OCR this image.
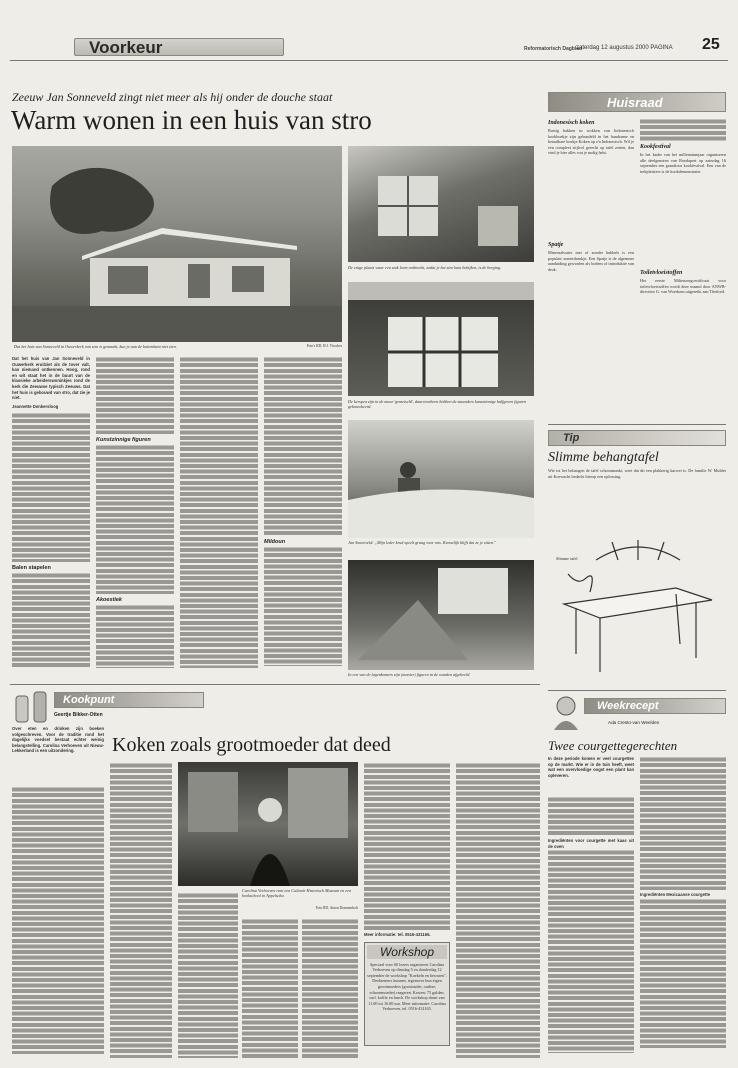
Voorkeur	Reformatorisch Dagblad
zaterdag 12 augustus 2000 PAGINA 25
Zeeuw Jan Sonneveld zingt niet meer als hij onder de douche staat
Warm wonen in een huis van stro
Dat het huis van Sonneveld in Ouwerkerk van stro is gemaakt, kun je aan de buitenkant niet zien.	Foto's RD, H.J. Visscher
Dat het huis van Jan Sonneveld in Ouwerkerk eruitziet als de tover valt, kan niemand ontkennen. Hoog, rond en wit staat het in de buurt van de klassieke arbeiderswoninkjes rond de kerk die Zeeuwse typisch Zeeuws. Dat het huis is gebouwd van stro, dat zie je niet.
Jeannette Donkersloog
Balen stapelen
Kunstzinnige figuren
Akoestiek
Mildoun
De enige plaats waar een stuk leem ontbreekt, zodat je het stro kunt bekijken, is de berging.
De kerspen zijn in de muur 'gemetseld', daarvoorheen hebben de staanders kunstzinnige halfgeven figuren gebouwheerd.
Jan Sonneveld: „Mijn leder krud speelt graag voor ons. Kennelijk blijft dat ze je zitten."
In een van de lagenkamers zijn (manier) figuren in de wanden afgebeeld.
Huisraad
Indonesisch koken
Rustig bakken in wokken van Indonesisch kookboekje zijn gebundeld in het handzame en betaalbare boekje Koken op z'n Indonesisch. Wil je een compleet stijlvol gerecht op tafel zetten, dan vind je hier alles wat je nodig hebt.
Spatje
Mineraalwater met of zonder bubbels is een populair zomerdrankje. Een Spatje is de algemene aanduiding geworden als bodem of introduktie van druk.
Kookfestival
In het kader van het millenniumjaar organiseren alle deelgenoten van Boedapest op zaterdag 16 september een grandioos kookfestival. Een van de trekpleisters is de kookdemonstratie.
Toiletvloeistoffen
Het eerste Milieuzorgcertificaat voor toiletvloeistoffen wordt deze maand door ANWB-directeur G. van Woerkom uitgereikt aan Thetford.
Tip
Slimme behangtafel
Wie tot het behangen de tafel schoonmaakt, weet dat dit een plakkerig karwei is. De familie W. Mulder uit Koewacht bedacht hierop een oplossing.
Slimme tafel
Kookpunt
Geertje Bikker-Otten
Koken zoals grootmoeder dat deed
Over eten en drinken zijn boeken volgeschreven. Voor de traditie rond het dagelijks voedsel bestaat echter weinig belangstelling. Carolina Verhoeven uit Nieuw-Lekkerland is een uitzondering.
Carolina Verhoeven runt een Culinair Historisch Museum en een kookschool in Appelscha.
Foto RD, Anton Dommerholt
Meer informatie: tel. 0516-431165.
Workshop
Speciaal voor 60 lezers organiseert Carolina Verhoeven op dinsdag 5 en donderdag 12 september de workshop "Koekeln en bewaren". Deelnemers kunnen, tegenover hun eigen grootmoeders (grootouder, oudere, schoonmoeder) reageren. Kosten: 75 gulden, incl. koffie en lunch. De workshop duurt van 11.00 tot 16.00 uur. Meer informatie: Carolina Verhoeven, tel. 0516-431165.
Weekrecept
Ada Cresto-van Weelden
Twee courgettegerechten
In deze periode komen er veel courgettes op de markt. Wie er in de tuin heeft, weet wat een overvloedige oogst een plant kan opleveren.
Ingrediënten voor courgette met kaas uit de oven
Ingrediënten Mexicaanse courgette
